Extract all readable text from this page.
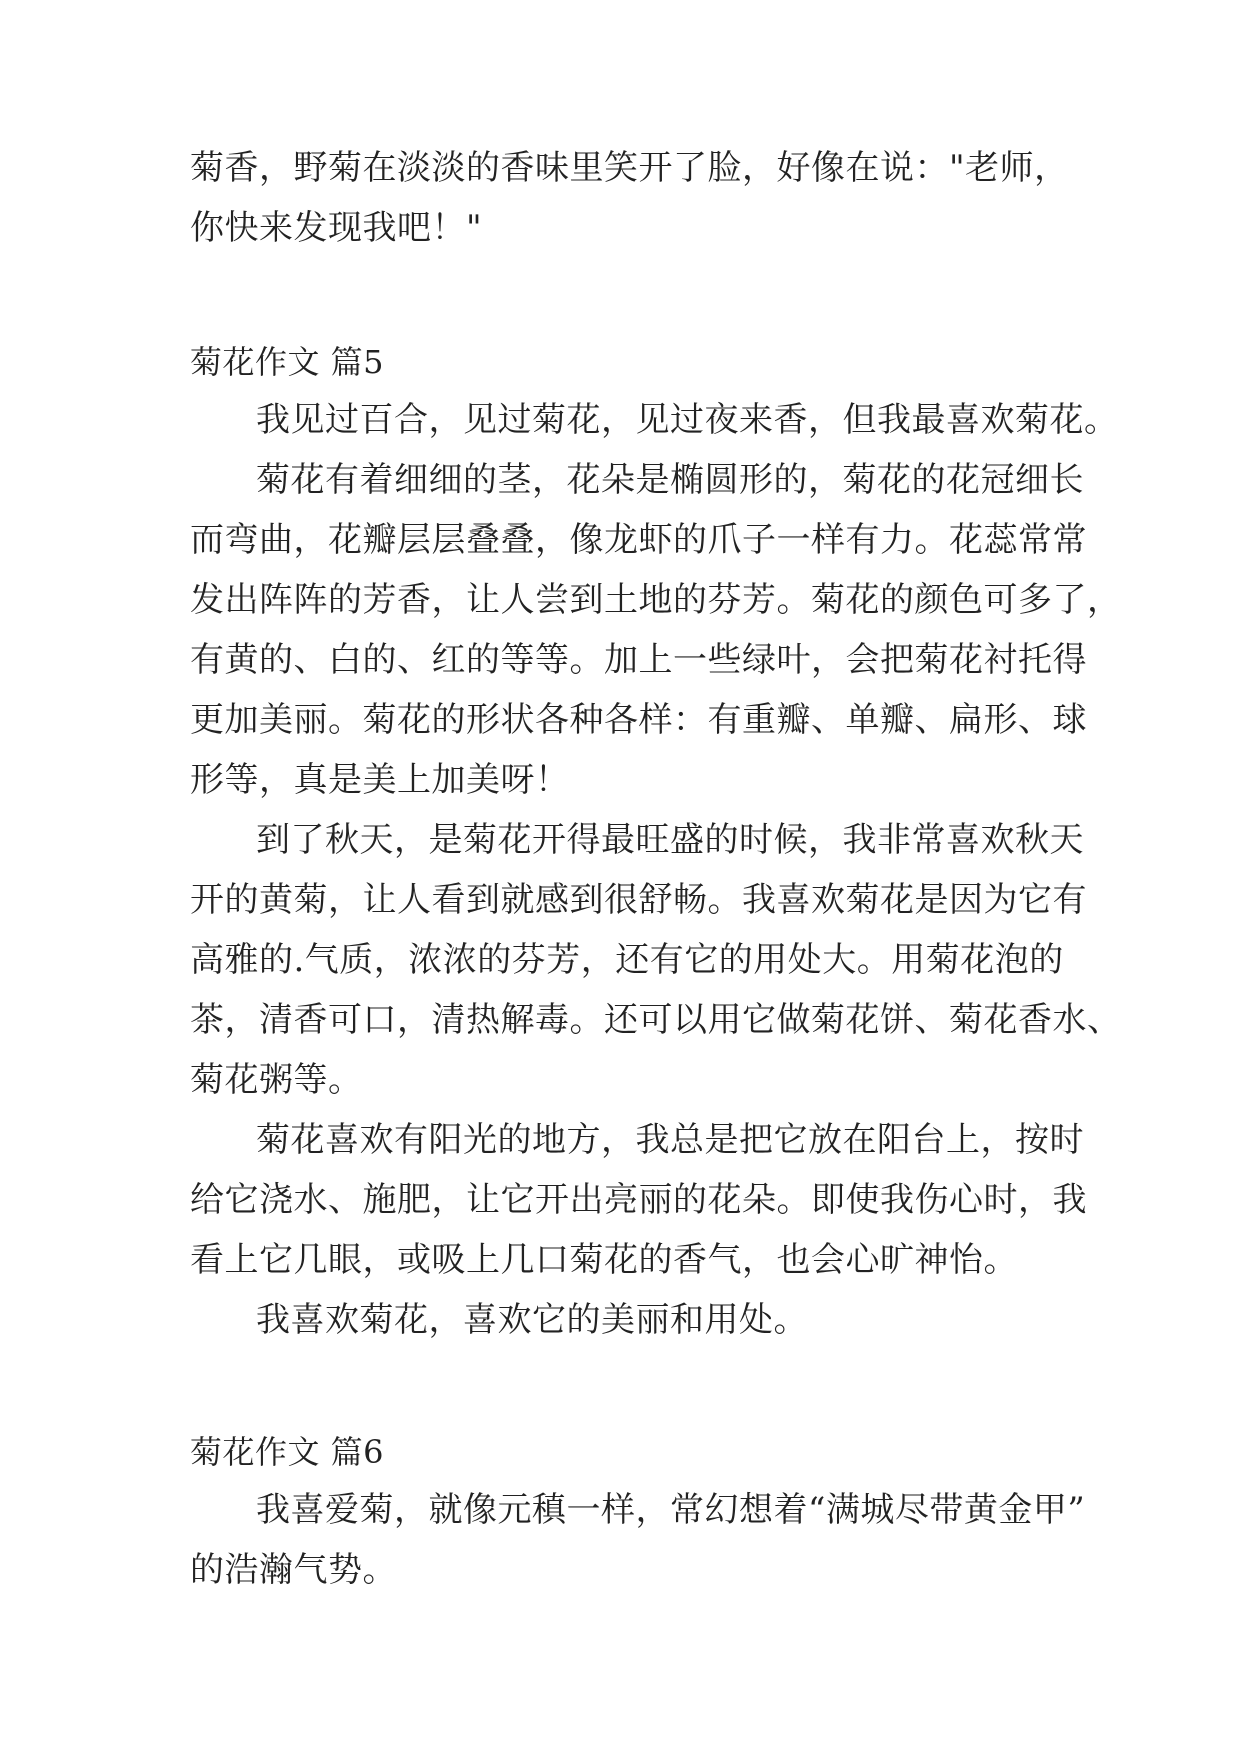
菊香，野菊在淡淡的香味里笑开了脸，好像在说："老师，
你快来发现我吧！"
菊花作文 篇5
我见过百合，见过菊花，见过夜来香，但我最喜欢菊花。
菊花有着细细的茎，花朵是椭圆形的，菊花的花冠细长
而弯曲，花瓣层层叠叠，像龙虾的爪子一样有力。花蕊常常
发出阵阵的芳香，让人尝到土地的芬芳。菊花的颜色可多了，
有黄的、白的、红的等等。加上一些绿叶，会把菊花衬托得
更加美丽。菊花的形状各种各样：有重瓣、单瓣、扁形、球
形等，真是美上加美呀！
到了秋天，是菊花开得最旺盛的时候，我非常喜欢秋天
开的黄菊，让人看到就感到很舒畅。我喜欢菊花是因为它有
高雅的.气质，浓浓的芬芳，还有它的用处大。用菊花泡的
茶，清香可口，清热解毒。还可以用它做菊花饼、菊花香水、
菊花粥等。
菊花喜欢有阳光的地方，我总是把它放在阳台上，按时
给它浇水、施肥，让它开出亮丽的花朵。即使我伤心时，我
看上它几眼，或吸上几口菊花的香气，也会心旷神怡。
我喜欢菊花，喜欢它的美丽和用处。
菊花作文 篇6
我喜爱菊，就像元稹一样，常幻想着“满城尽带黄金甲”
的浩瀚气势。
